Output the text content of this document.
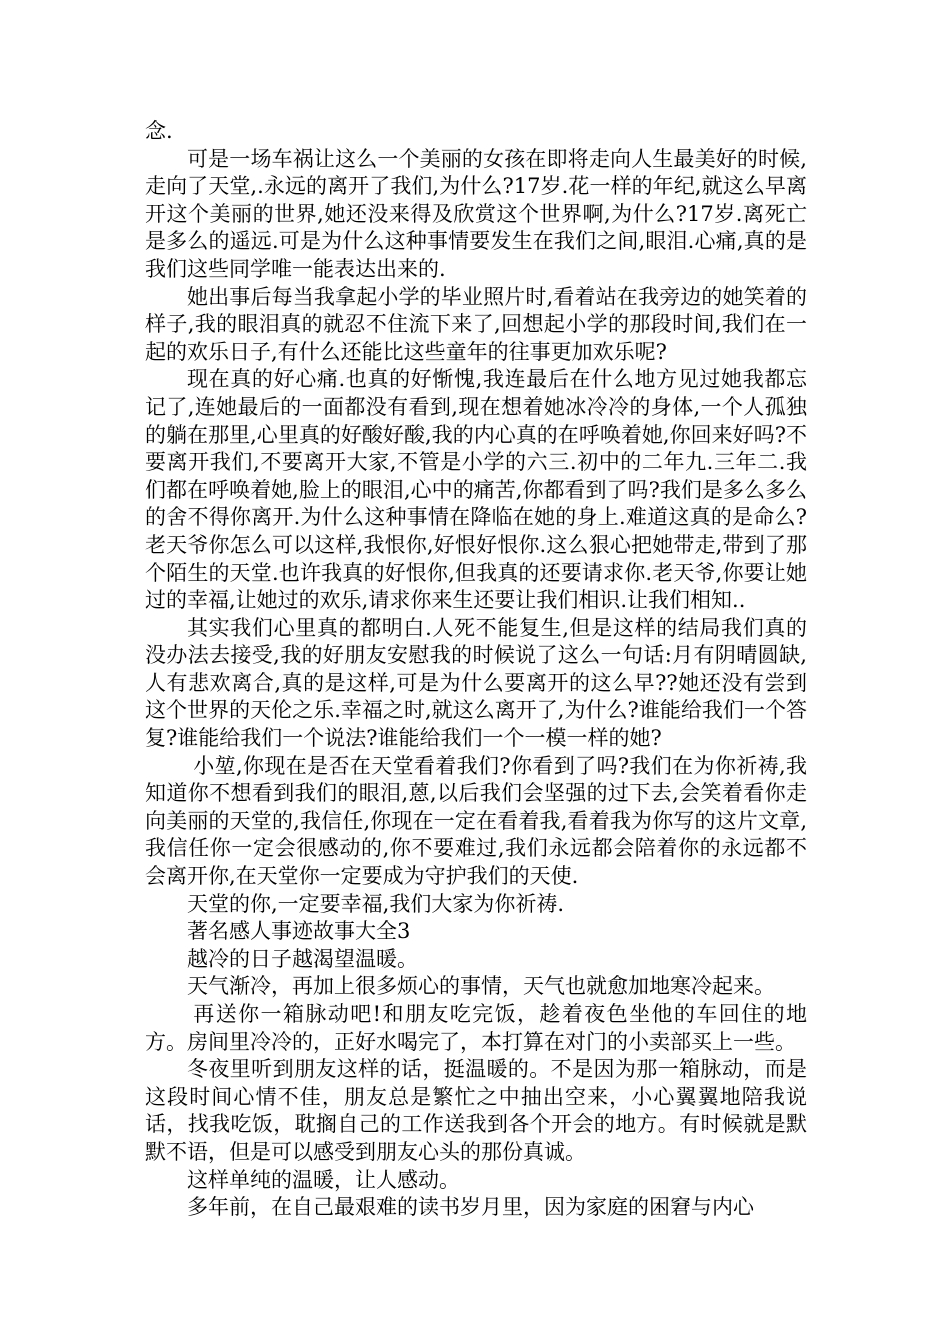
念.

可是一场车祸让这么一个美丽的女孩在即将走向人生最美好的时候,走向了天堂,.永远的离开了我们,为什么?17岁.花一样的年纪,就这么早离开这个美丽的世界,她还没来得及欣赏这个世界啊,为什么?17岁.离死亡是多么的遥远.可是为什么这种事情要发生在我们之间,眼泪.心痛,真的是我们这些同学唯一能表达出来的.

她出事后每当我拿起小学的毕业照片时,看着站在我旁边的她笑着的样子,我的眼泪真的就忍不住流下来了,回想起小学的那段时间,我们在一起的欢乐日子,有什么还能比这些童年的往事更加欢乐呢?

现在真的好心痛.也真的好惭愧,我连最后在什么地方见过她我都忘记了,连她最后的一面都没有看到,现在想着她冰冷冷的身体,一个人孤独的躺在那里,心里真的好酸好酸,我的内心真的在呼唤着她,你回来好吗?不要离开我们,不要离开大家,不管是小学的六三.初中的二年九.三年二.我们都在呼唤着她,脸上的眼泪,心中的痛苦,你都看到了吗?我们是多么多么的舍不得你离开.为什么这种事情在降临在她的身上.难道这真的是命么?老天爷你怎么可以这样,我恨你,好恨好恨你.这么狠心把她带走,带到了那个陌生的天堂.也许我真的好恨你,但我真的还要请求你.老天爷,你要让她过的幸福,让她过的欢乐,请求你来生还要让我们相识.让我们相知..

其实我们心里真的都明白.人死不能复生,但是这样的结局我们真的没办法去接受,我的好朋友安慰我的时候说了这么一句话:月有阴晴圆缺,人有悲欢离合,真的是这样,可是为什么要离开的这么早??她还没有尝到这个世界的天伦之乐.幸福之时,就这么离开了,为什么?谁能给我们一个答复?谁能给我们一个说法?谁能给我们一个一模一样的她?

小堃,你现在是否在天堂看着我们?你看到了吗?我们在为你祈祷,我知道你不想看到我们的眼泪,蒽,以后我们会坚强的过下去,会笑着看你走向美丽的天堂的,我信任,你现在一定在看着我,看着我为你写的这片文章,我信任你一定会很感动的,你不要难过,我们永远都会陪着你的永远都不会离开你,在天堂你一定要成为守护我们的天使.

天堂的你,一定要幸福,我们大家为你祈祷.

著名感人事迹故事大全3

越冷的日子越渴望温暖。

天气渐冷，再加上很多烦心的事情，天气也就愈加地寒冷起来。

再送你一箱脉动吧!和朋友吃完饭，趁着夜色坐他的车回住的地方。房间里冷冷的，正好水喝完了，本打算在对门的小卖部买上一些。

冬夜里听到朋友这样的话，挺温暖的。不是因为那一箱脉动，而是这段时间心情不佳，朋友总是繁忙之中抽出空来，小心翼翼地陪我说话，找我吃饭，耽搁自己的工作送我到各个开会的地方。有时候就是默默不语，但是可以感受到朋友心头的那份真诚。

这样单纯的温暖，让人感动。

多年前，在自己最艰难的读书岁月里，因为家庭的困窘与内心
